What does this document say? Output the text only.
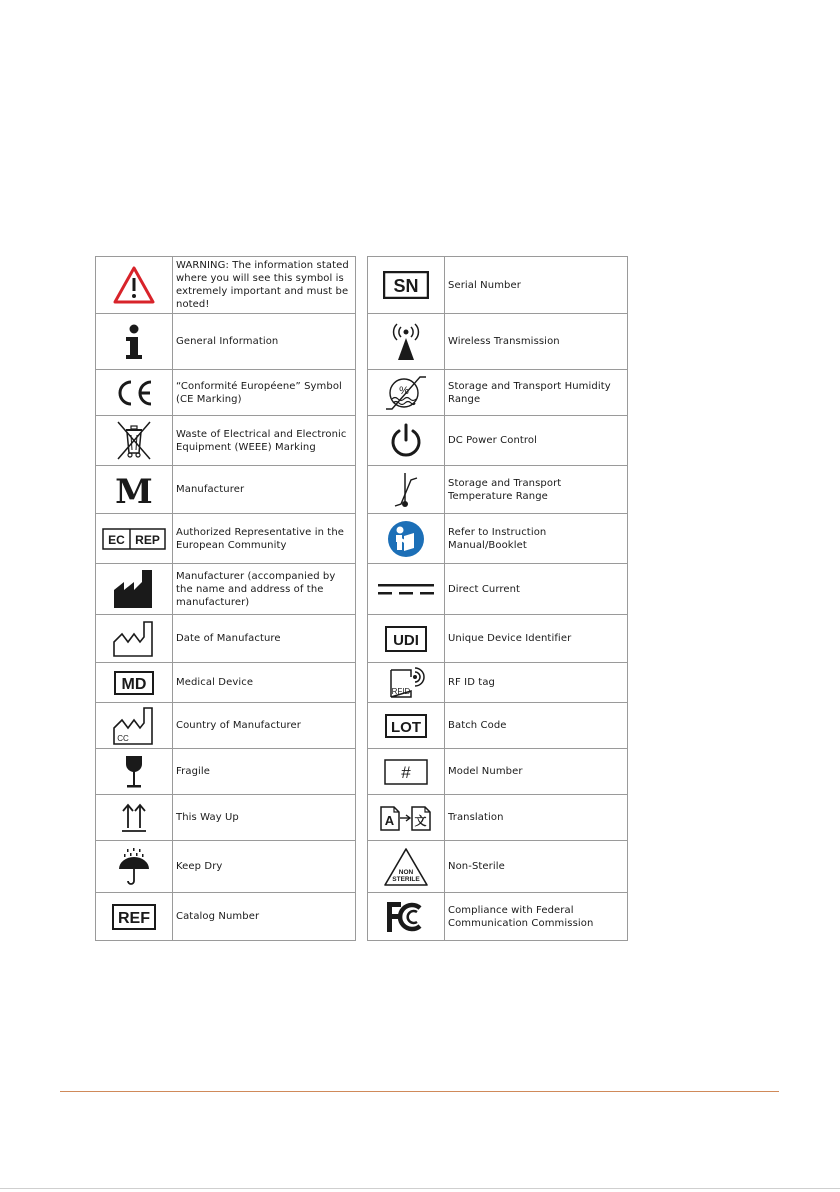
	WARNING: The information stated where you will see this symbol is extremely important and must be noted!

	General Information

	“Conformité Européene” Symbol (CE Marking)

	Waste of Electrical and Electronic Equipment (WEEE) Marking

M	Manufacturer

EC REP	Authorized Representative in the European Community

	Manufacturer (accompanied by the name and address of the manufacturer)

	Date of Manufacture

MD	Medical Device

CC	Country of Manufacturer

	Fragile

	This Way Up

	Keep Dry

REF	Catalog Number
SN	Serial Number

	Wireless Transmission

%	Storage and Transport Humidity Range

	DC Power Control

	Storage and Transport Temperature Range

	Refer to Instruction Manual/Booklet

	Direct Current

UDI	Unique Device Identifier

RFID	RF ID tag

LOT	Batch Code

#	Model Number

A 文	Translation

NON
STERILE	Non-Sterile

	Compliance with Federal Communication Commission
